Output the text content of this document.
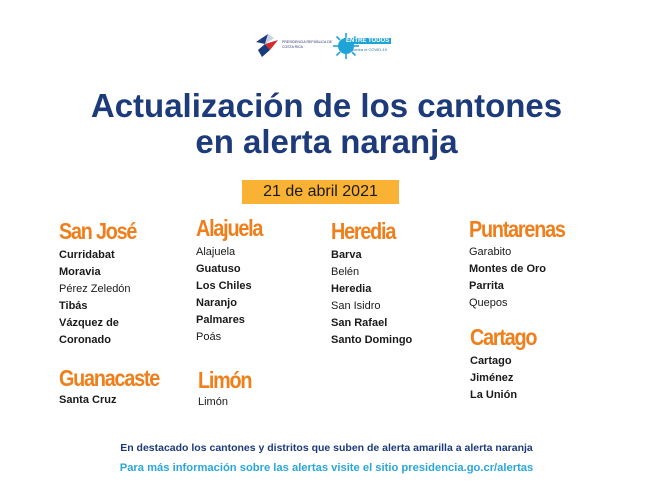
PRESIDENCIA REPÚBLICA DE COSTA RICA
ENTRE TODOS
contra el COVID-19
Actualización de los cantones
en alerta naranja
21 de abril 2021
San José
Curridabat
Moravia
Pérez Zeledón
Tibás
Vázquez de
Coronado
Guanacaste
Santa Cruz
Alajuela
Alajuela
Guatuso
Los Chiles
Naranjo
Palmares
Poás
Limón
Limón
Heredia
Barva
Belén
Heredia
San Isidro
San Rafael
Santo Domingo
Puntarenas
Garabito
Montes de Oro
Parrita
Quepos
Cartago
Cartago
Jiménez
La Unión
En destacado los cantones y distritos que suben de alerta amarilla a alerta naranja
Para más información sobre las alertas visite el sitio presidencia.go.cr/alertas
